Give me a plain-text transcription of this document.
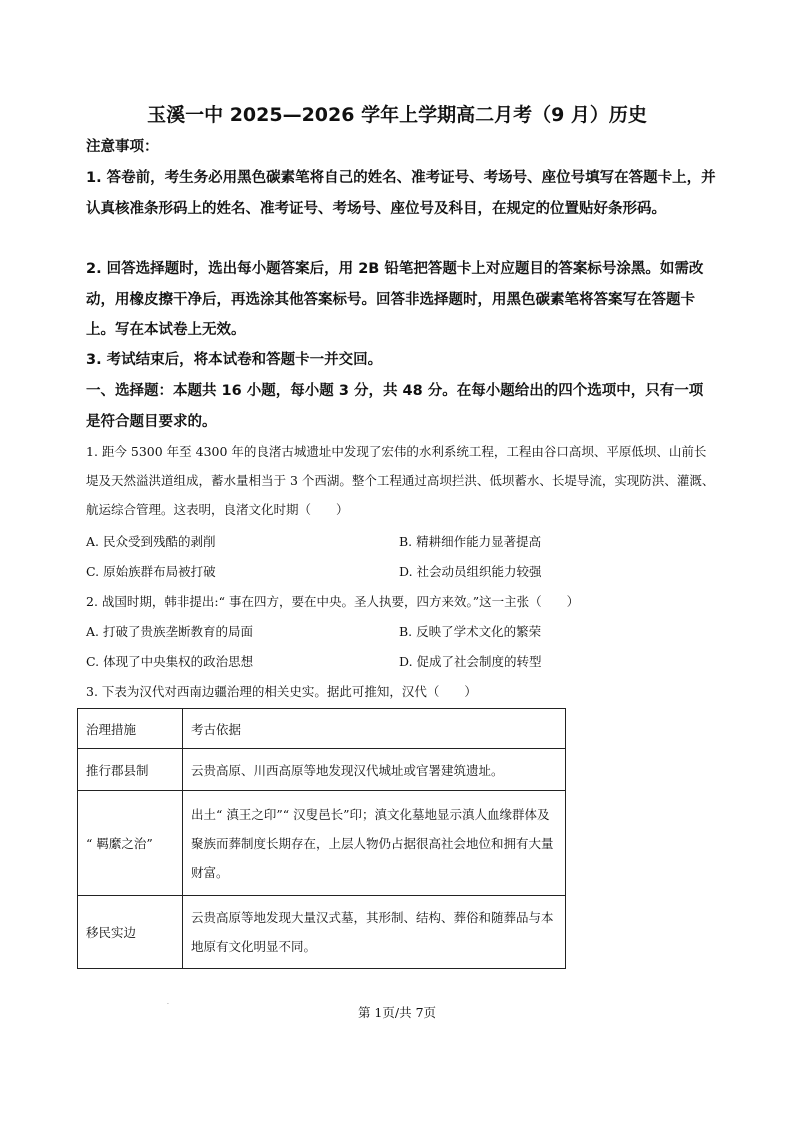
玉溪一中 2025—2026 学年上学期高二月考（9 月）历史
注意事项：
1. 答卷前，考生务必用黑色碳素笔将自己的姓名、准考证号、考场号、座位号填写在答题卡上，并认真核准条形码上的姓名、准考证号、考场号、座位号及科目，在规定的位置贴好条形码。
2. 回答选择题时，选出每小题答案后，用 2B 铅笔把答题卡上对应题目的答案标号涂黑。如需改动，用橡皮擦干净后，再选涂其他答案标号。回答非选择题时，用黑色碳素笔将答案写在答题卡上。写在本试卷上无效。
3. 考试结束后，将本试卷和答题卡一并交回。
一、选择题：本题共 16 小题，每小题 3 分，共 48 分。在每小题给出的四个选项中，只有一项是符合题目要求的。
1. 距今 5300 年至 4300 年的良渚古城遗址中发现了宏伟的水利系统工程，工程由谷口高坝、平原低坝、山前长堤及天然溢洪道组成，蓄水量相当于 3 个西湖。整个工程通过高坝拦洪、低坝蓄水、长堤导流，实现防洪、灌溉、航运综合管理。这表明，良渚文化时期（　　）
A. 民众受到残酷的剥削	B. 精耕细作能力显著提高
C. 原始族群布局被打破	D. 社会动员组织能力较强
2. 战国时期，韩非提出:“ 事在四方，要在中央。圣人执要，四方来效。”这一主张（　　）
A. 打破了贵族垄断教育的局面	B. 反映了学术文化的繁荣
C. 体现了中央集权的政治思想	D. 促成了社会制度的转型
3. 下表为汉代对西南边疆治理的相关史实。据此可推知，汉代（　　）
治理措施	考古依据
推行郡县制	云贵高原、川西高原等地发现汉代城址或官署建筑遗址。
“ 羁縻之治”	出土“ 滇王之印”“ 汉叟邑长”印；滇文化墓地显示滇人血缘群体及聚族而葬制度长期存在，上层人物仍占据很高社会地位和拥有大量财富。
移民实边	云贵高原等地发现大量汉式墓，其形制、结构、葬俗和随葬品与本地原有文化明显不同。
·
第 1页/共 7页
